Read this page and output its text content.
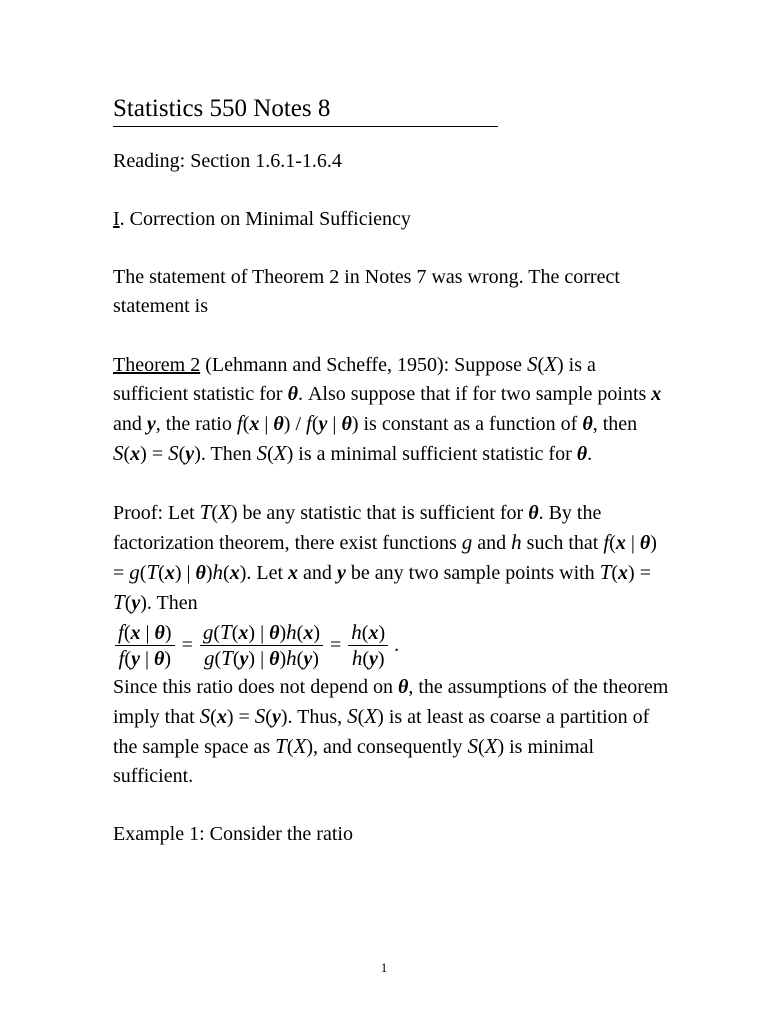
Statistics 550 Notes 8

Reading: Section 1.6.1-1.6.4

I. Correction on Minimal Sufficiency

The statement of Theorem 2 in Notes 7 was wrong. The correct statement is

Theorem 2 (Lehmann and Scheffe, 1950): Suppose S(X) is a sufficient statistic for θ. Also suppose that if for two sample points x and y, the ratio f(x | θ) / f(y | θ) is constant as a function of θ, then S(x) = S(y). Then S(X) is a minimal sufficient statistic for θ.

Proof: Let T(X) be any statistic that is sufficient for θ. By the factorization theorem, there exist functions g and h such that f(x | θ) = g(T(x) | θ)h(x). Let x and y be any two sample points with T(x) = T(y). Then
$\frac{f(x | \theta)}{f(y | \theta)} = \frac{g(T(x) | \theta)h(x)}{g(T(y) | \theta)h(y)} = \frac{h(x)}{h(y)}$ .
Since this ratio does not depend on θ, the assumptions of the theorem imply that S(x) = S(y). Thus, S(X) is at least as coarse a partition of the sample space as T(X), and consequently S(X) is minimal sufficient.

Example 1: Consider the ratio

1
